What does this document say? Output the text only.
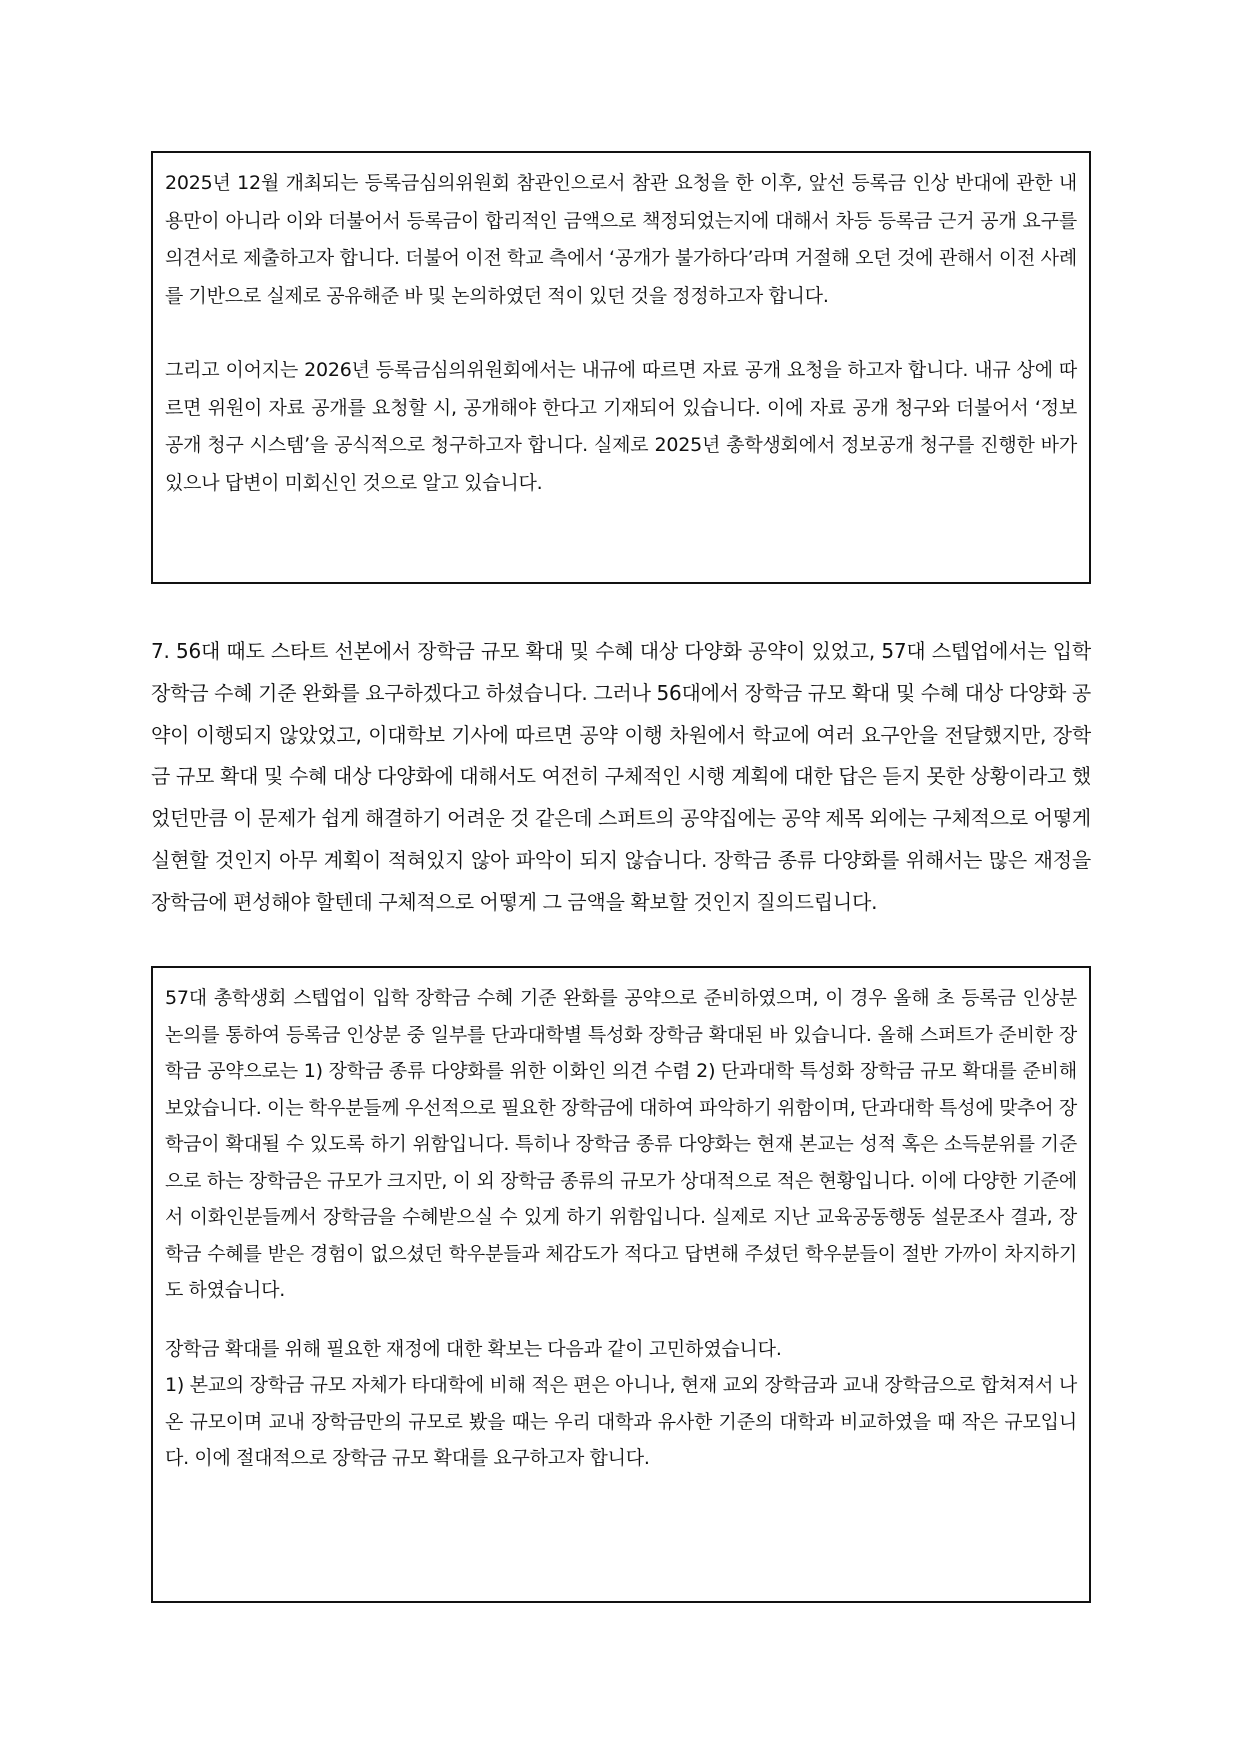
2025년 12월 개최되는 등록금심의위원회 참관인으로서 참관 요청을 한 이후, 앞선 등록금 인상 반대에 관한 내용만이 아니라 이와 더불어서 등록금이 합리적인 금액으로 책정되었는지에 대해서 차등 등록금 근거 공개 요구를 의견서로 제출하고자 합니다. 더불어 이전 학교 측에서 ‘공개가 불가하다’라며 거절해 오던 것에 관해서 이전 사례를 기반으로 실제로 공유해준 바 및 논의하였던 적이 있던 것을 정정하고자 합니다.

그리고 이어지는 2026년 등록금심의위원회에서는 내규에 따르면 자료 공개 요청을 하고자 합니다. 내규 상에 따르면 위원이 자료 공개를 요청할 시, 공개해야 한다고 기재되어 있습니다. 이에 자료 공개 청구와 더불어서 ‘정보공개 청구 시스템’을 공식적으로 청구하고자 합니다. 실제로 2025년 총학생회에서 정보공개 청구를 진행한 바가 있으나 답변이 미회신인 것으로 알고 있습니다.

7. 56대 때도 스타트 선본에서 장학금 규모 확대 및 수혜 대상 다양화 공약이 있었고, 57대 스텝업에서는 입학 장학금 수혜 기준 완화를 요구하겠다고 하셨습니다. 그러나 56대에서 장학금 규모 확대 및 수혜 대상 다양화 공약이 이행되지 않았었고, 이대학보 기사에 따르면 공약 이행 차원에서 학교에 여러 요구안을 전달했지만, 장학금 규모 확대 및 수혜 대상 다양화에 대해서도 여전히 구체적인 시행 계획에 대한 답은 듣지 못한 상황이라고 했었던만큼 이 문제가 쉽게 해결하기 어려운 것 같은데 스퍼트의 공약집에는 공약 제목 외에는 구체적으로 어떻게 실현할 것인지 아무 계획이 적혀있지 않아 파악이 되지 않습니다. 장학금 종류 다양화를 위해서는 많은 재정을 장학금에 편성해야 할텐데 구체적으로 어떻게 그 금액을 확보할 것인지 질의드립니다.

57대 총학생회 스텝업이 입학 장학금 수혜 기준 완화를 공약으로 준비하였으며, 이 경우 올해 초 등록금 인상분 논의를 통하여 등록금 인상분 중 일부를 단과대학별 특성화 장학금 확대된 바 있습니다. 올해 스퍼트가 준비한 장학금 공약으로는 1) 장학금 종류 다양화를 위한 이화인 의견 수렴 2) 단과대학 특성화 장학금 규모 확대를 준비해 보았습니다. 이는 학우분들께 우선적으로 필요한 장학금에 대하여 파악하기 위함이며, 단과대학 특성에 맞추어 장학금이 확대될 수 있도록 하기 위함입니다. 특히나 장학금 종류 다양화는 현재 본교는 성적 혹은 소득분위를 기준으로 하는 장학금은 규모가 크지만, 이 외 장학금 종류의 규모가 상대적으로 적은 현황입니다. 이에 다양한 기준에서 이화인분들께서 장학금을 수혜받으실 수 있게 하기 위함입니다. 실제로 지난 교육공동행동 설문조사 결과, 장학금 수혜를 받은 경험이 없으셨던 학우분들과 체감도가 적다고 답변해 주셨던 학우분들이 절반 가까이 차지하기도 하였습니다.

장학금 확대를 위해 필요한 재정에 대한 확보는 다음과 같이 고민하였습니다.

1) 본교의 장학금 규모 자체가 타대학에 비해 적은 편은 아니나, 현재 교외 장학금과 교내 장학금으로 합쳐져서 나온 규모이며 교내 장학금만의 규모로 봤을 때는 우리 대학과 유사한 기준의 대학과 비교하였을 때 작은 규모입니다. 이에 절대적으로 장학금 규모 확대를 요구하고자 합니다.
